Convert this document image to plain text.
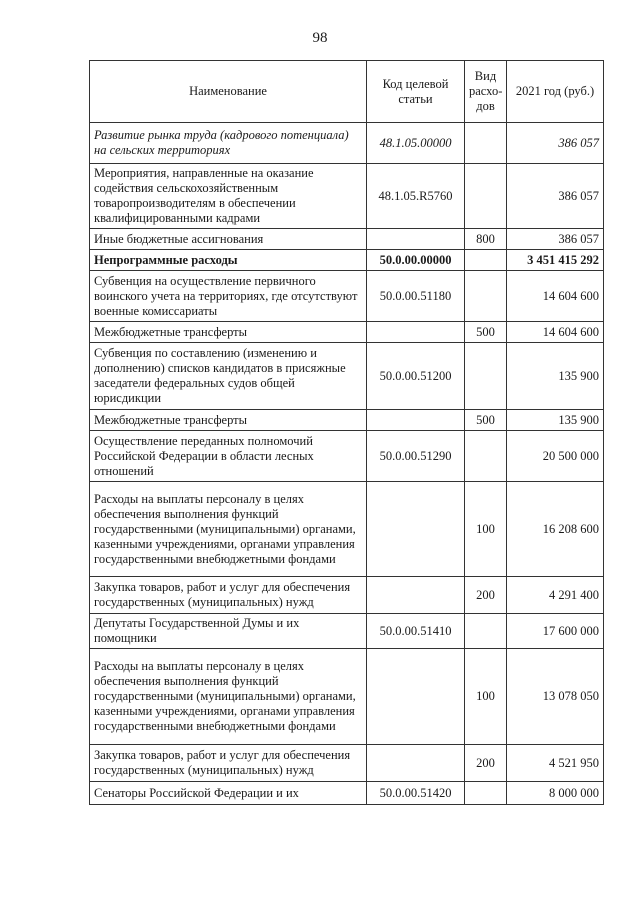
98
Наименование	Код целевой статьи	Вид расхо-дов	2021 год (руб.)
Развитие рынка труда (кадрового потенциала) на сельских территориях	48.1.05.00000		386 057
Мероприятия, направленные на оказание содействия сельскохозяйственным товаропроизводителям в обеспечении квалифицированными кадрами	48.1.05.R5760		386 057
Иные бюджетные ассигнования		800	386 057
Непрограммные расходы	50.0.00.00000		3 451 415 292
Субвенция на осуществление первичного воинского учета на территориях, где отсутствуют военные комиссариаты	50.0.00.51180		14 604 600
Межбюджетные трансферты		500	14 604 600
Субвенция по составлению (изменению и дополнению) списков кандидатов в присяжные заседатели федеральных судов общей юрисдикции	50.0.00.51200		135 900
Межбюджетные трансферты		500	135 900
Осуществление переданных полномочий Российской Федерации в области лесных отношений	50.0.00.51290		20 500 000
Расходы на выплаты персоналу в целях обеспечения выполнения функций государственными (муниципальными) органами, казенными учреждениями, органами управления государственными внебюджетными фондами		100	16 208 600
Закупка товаров, работ и услуг для обеспечения государственных (муниципальных) нужд		200	4 291 400
Депутаты Государственной Думы и их помощники	50.0.00.51410		17 600 000
Расходы на выплаты персоналу в целях обеспечения выполнения функций государственными (муниципальными) органами, казенными учреждениями, органами управления государственными внебюджетными фондами		100	13 078 050
Закупка товаров, работ и услуг для обеспечения государственных (муниципальных) нужд		200	4 521 950
Сенаторы Российской Федерации и их	50.0.00.51420		8 000 000
